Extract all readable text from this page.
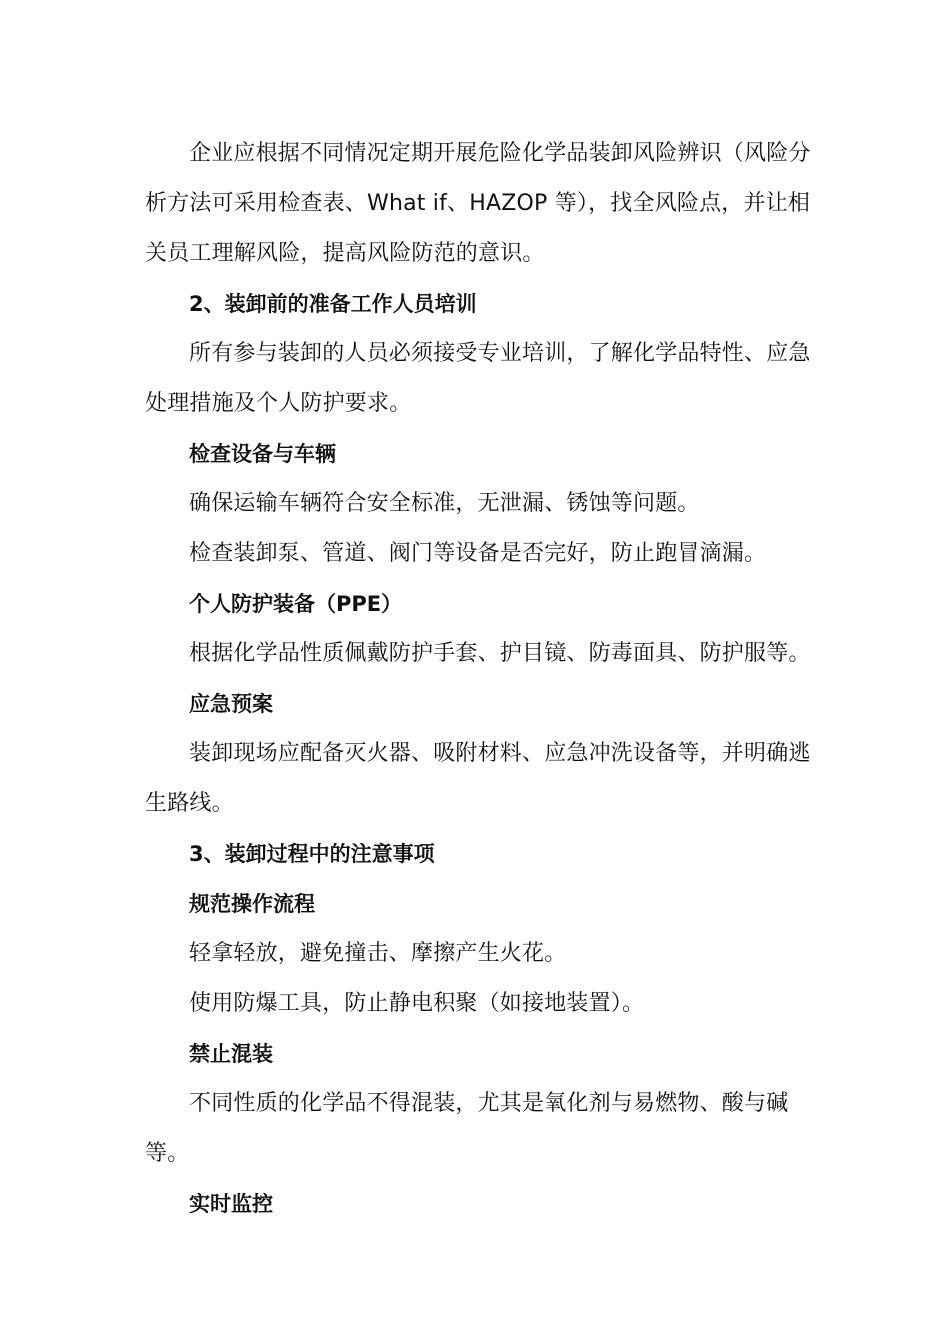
企业应根据不同情况定期开展危险化学品装卸风险辨识（风险分析方法可采用检查表、What if、HAZOP 等），找全风险点，并让相关员工理解风险，提高风险防范的意识。

2、装卸前的准备工作人员培训

所有参与装卸的人员必须接受专业培训，了解化学品特性、应急处理措施及个人防护要求。

检查设备与车辆

确保运输车辆符合安全标准，无泄漏、锈蚀等问题。

检查装卸泵、管道、阀门等设备是否完好，防止跑冒滴漏。

个人防护装备（PPE）

根据化学品性质佩戴防护手套、护目镜、防毒面具、防护服等。

应急预案

装卸现场应配备灭火器、吸附材料、应急冲洗设备等，并明确逃生路线。

3、装卸过程中的注意事项

规范操作流程

轻拿轻放，避免撞击、摩擦产生火花。

使用防爆工具，防止静电积聚（如接地装置）。

禁止混装

不同性质的化学品不得混装，尤其是氧化剂与易燃物、酸与碱等。

实时监控
